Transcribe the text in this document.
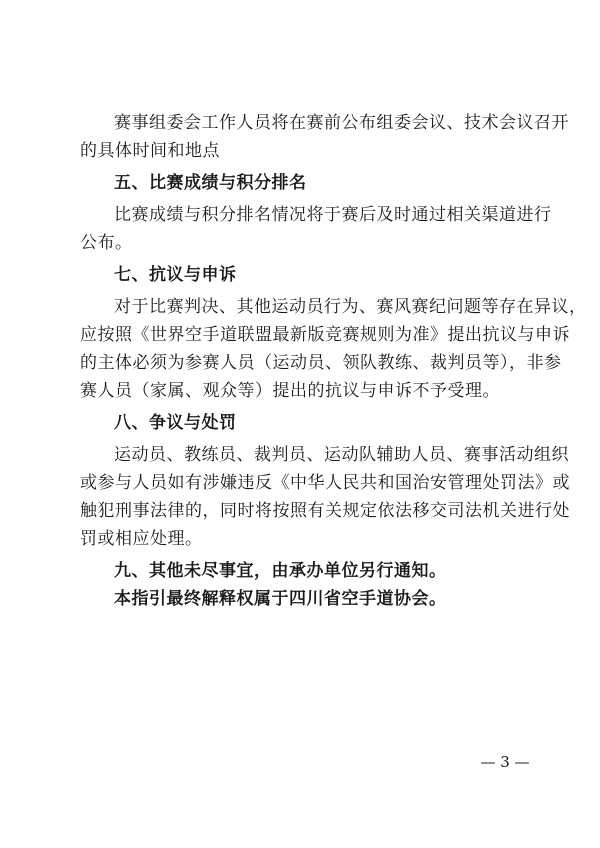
赛事组委会工作人员将在赛前公布组委会议、技术会议召开
的具体时间和地点
五、比赛成绩与积分排名
比赛成绩与积分排名情况将于赛后及时通过相关渠道进行
公布。
七、抗议与申诉
对于比赛判决、其他运动员行为、赛风赛纪问题等存在异议，
应按照《世界空手道联盟最新版竞赛规则为准》提出抗议与申诉
的主体必须为参赛人员（运动员、领队教练、裁判员等），非参
赛人员（家属、观众等）提出的抗议与申诉不予受理。
八、争议与处罚
运动员、教练员、裁判员、运动队辅助人员、赛事活动组织
或参与人员如有涉嫌违反《中华人民共和国治安管理处罚法》或
触犯刑事法律的，同时将按照有关规定依法移交司法机关进行处
罚或相应处理。
九、其他未尽事宜，由承办单位另行通知。
本指引最终解释权属于四川省空手道协会。
— 3 —
